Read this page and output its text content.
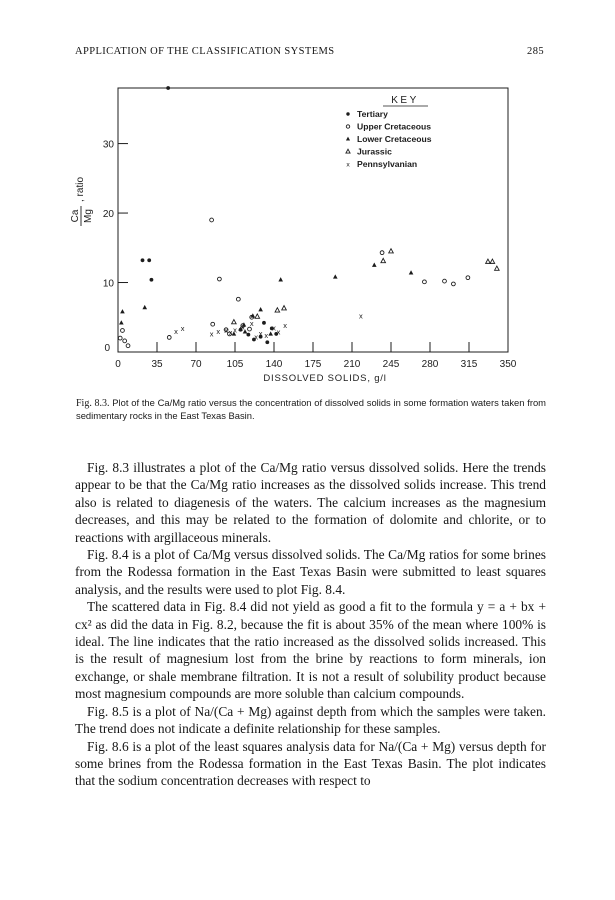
APPLICATION OF THE CLASSIFICATION SYSTEMS	285
0	35	70	105 140 175 210 245 280 315 350
10
20
30
0
x x
x x x x
x
x x
x x
x x
x
x
x
KEY
Tertiary
Upper Cretaceous
Lower Cretaceous
Jurassic
x Pennsylvanian
DISSOLVED SOLIDS, g/l
Ca Mg
, ratio
Fig. 8.3. Plot of the Ca/Mg ratio versus the concentration of dissolved solids in some formation waters taken from sedimentary rocks in the East Texas Basin.

Fig. 8.3 illustrates a plot of the Ca/Mg ratio versus dissolved solids. Here the trends appear to be that the Ca/Mg ratio increases as the dissolved solids increase. This trend also is related to diagenesis of the waters. The calcium increases as the magnesium decreases, and this may be related to the formation of dolomite and chlorite, or to reactions with argillaceous minerals.

Fig. 8.4 is a plot of Ca/Mg versus dissolved solids. The Ca/Mg ratios for some brines from the Rodessa formation in the East Texas Basin were submitted to least squares analysis, and the results were used to plot Fig. 8.4.

The scattered data in Fig. 8.4 did not yield as good a fit to the formula y = a + bx + cx² as did the data in Fig. 8.2, because the fit is about 35% of the mean where 100% is ideal. The line indicates that the ratio increased as the dissolved solids increased. This is the result of magnesium lost from the brine by reactions to form minerals, ion exchange, or shale membrane filtration. It is not a result of solubility product because most magnesium compounds are more soluble than calcium compounds.

Fig. 8.5 is a plot of Na/(Ca + Mg) against depth from which the samples were taken. The trend does not indicate a definite relationship for these samples.

Fig. 8.6 is a plot of the least squares analysis data for Na/(Ca + Mg) versus depth for some brines from the Rodessa formation in the East Texas Basin. The plot indicates that the sodium concentration decreases with respect to
